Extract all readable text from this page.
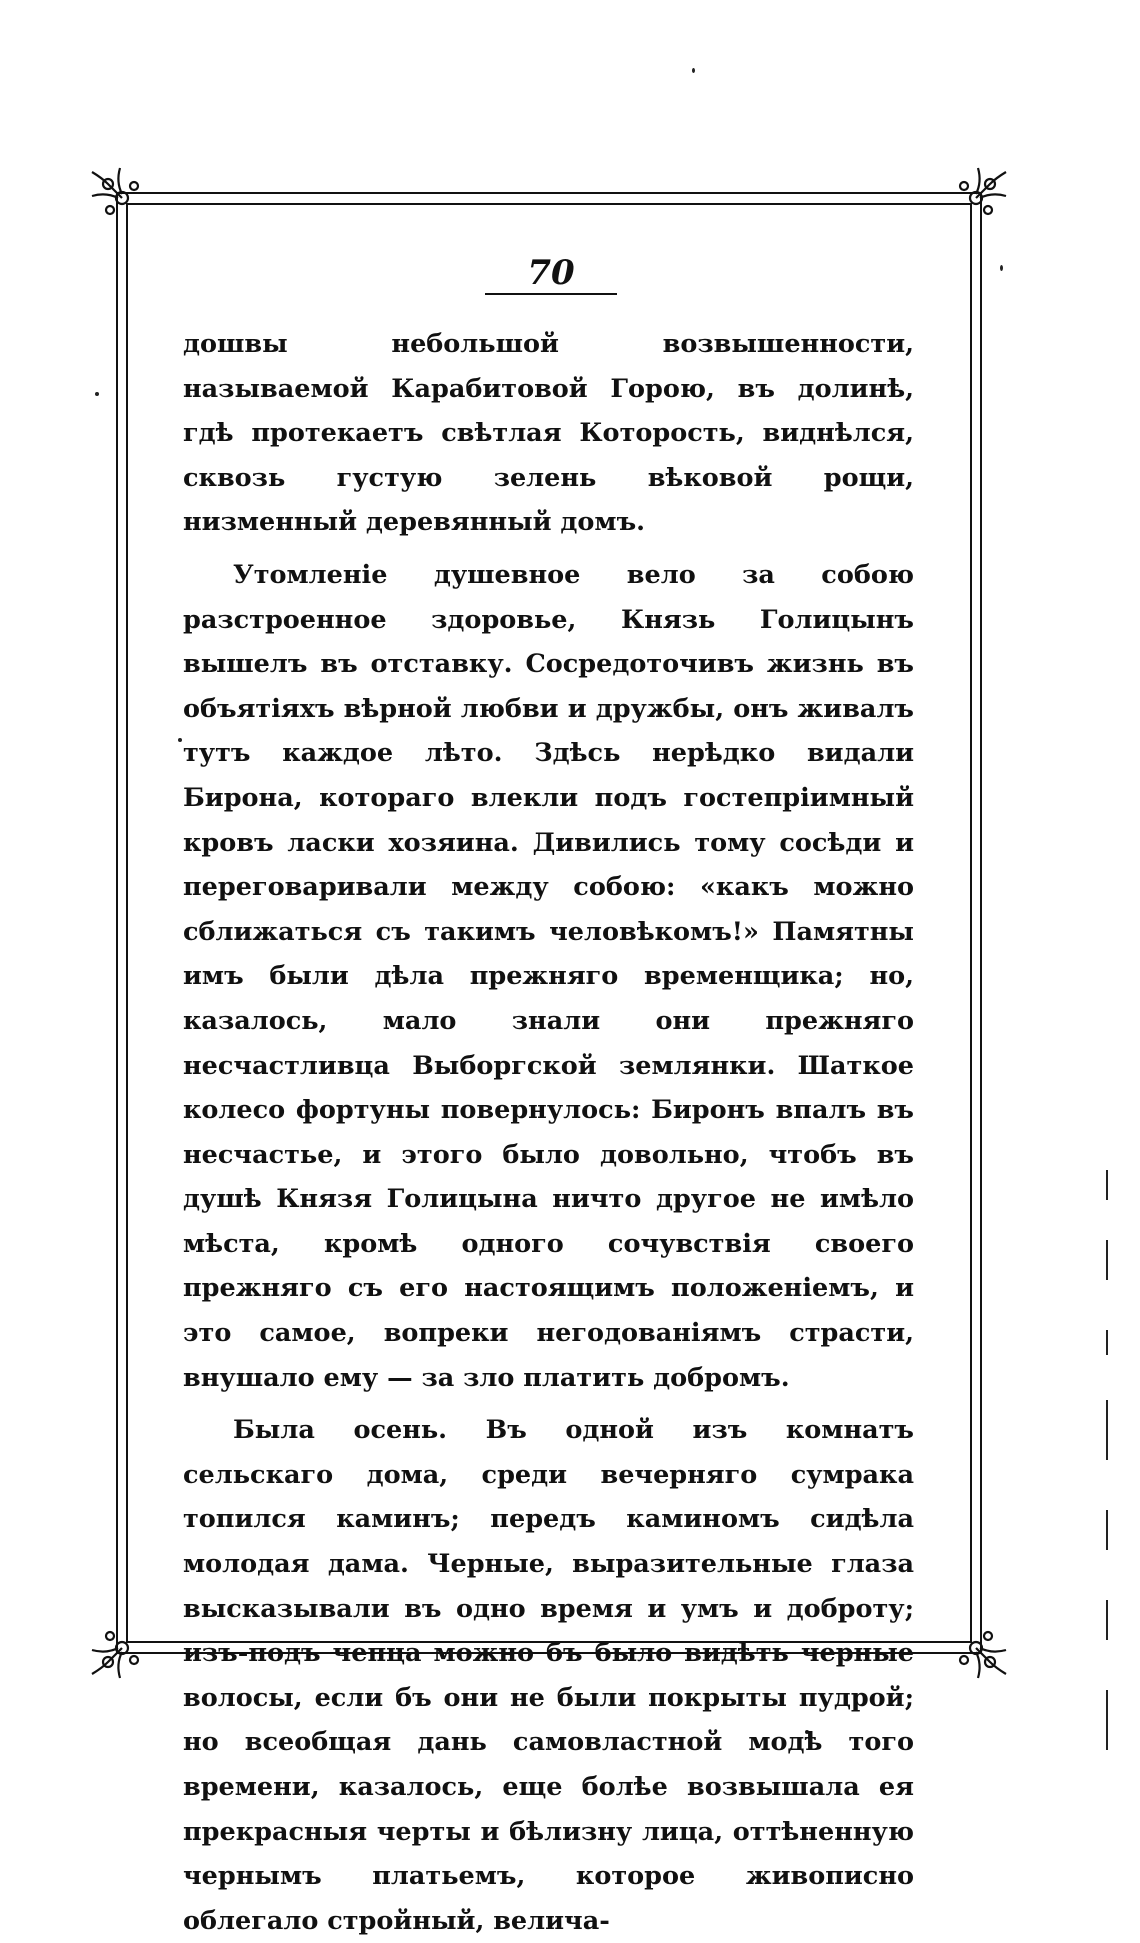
70

дошвы небольшой возвышенности, называемой Карабитовой Горою, въ долинѣ, гдѣ протекаетъ свѣтлая Которость, виднѣлся, сквозь густую зелень вѣковой рощи, низменный деревянный домъ.

Утомленіе душевное вело за собою разстроенное здоровье, Князь Голицынъ вышелъ въ отставку. Сосредоточивъ жизнь въ объятіяхъ вѣрной любви и дружбы, онъ живалъ тутъ каждое лѣто. Здѣсь нерѣдко видали Бирона, котораго влекли подъ гостепріимный кровъ ласки хозяина. Дивились тому сосѣди и переговаривали между собою: «какъ можно сближаться съ такимъ человѣкомъ!» Памятны имъ были дѣла прежняго временщика; но, казалось, мало знали они прежняго несчастливца Выборгской землянки. Шаткое колесо фортуны повернулось: Биронъ впалъ въ несчастье, и этого было довольно, чтобъ въ душѣ Князя Голицына ничто другое не имѣло мѣста, кромѣ одного сочувствія своего прежняго съ его настоящимъ положеніемъ, и это самое, вопреки негодованіямъ страсти, внушало ему — за зло платить добромъ.

Была осень. Въ одной изъ комнатъ сельскаго дома, среди вечерняго сумрака топился каминъ; передъ каминомъ сидѣла молодая дама. Черные, выразительные глаза высказывали въ одно время и умъ и доброту; изъ-подъ чепца можно бъ было видѣть черные волосы, если бъ они не были покрыты пудрой; но всеобщая дань самовластной модѣ того времени, казалось, еще болѣе возвышала ея прекрасныя черты и бѣлизну лица, оттѣненную чернымъ платьемъ, которое живописно облегало стройный, велича-
